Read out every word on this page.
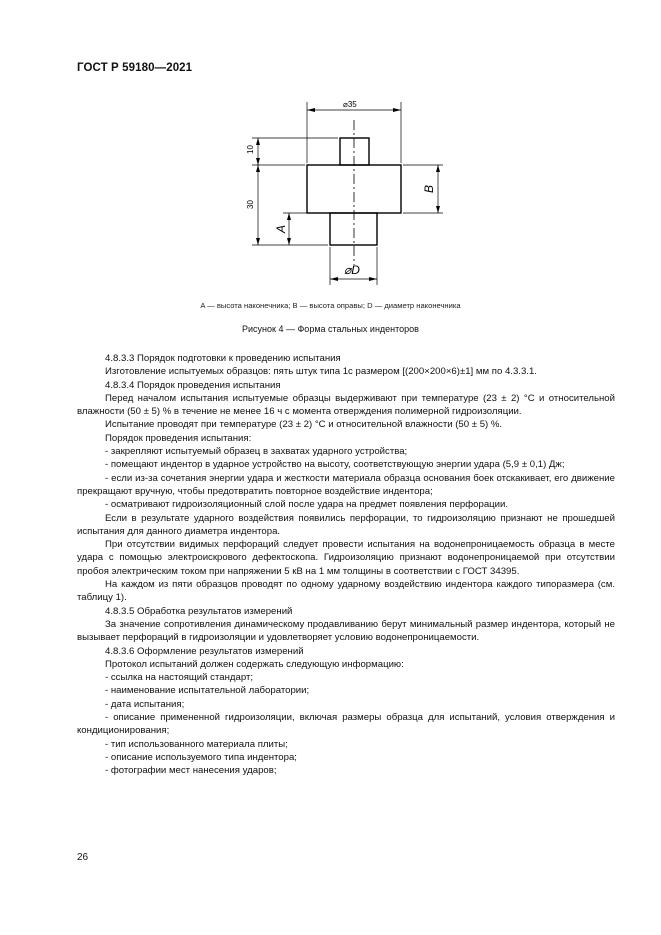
ГОСТ Р 59180—2021
⌀35
10
30
A
B
⌀D
A — высота наконечника; B — высота оправы; D — диаметр наконечника
Рисунок 4 — Форма стальных инденторов

4.8.3.3 Порядок подготовки к проведению испытания

Изготовление испытуемых образцов: пять штук типа 1с размером [(200×200×6)±1] мм по 4.3.3.1.

4.8.3.4 Порядок проведения испытания

Перед началом испытания испытуемые образцы выдерживают при температуре (23 ± 2) °С и относительной влажности (50 ± 5) % в течение не менее 16 ч с момента отверждения полимерной гидроизоляции.

Испытание проводят при температуре (23 ± 2) °С и относительной влажности (50 ± 5) %.

Порядок проведения испытания:

- закрепляют испытуемый образец в захватах ударного устройства;

- помещают индентор в ударное устройство на высоту, соответствующую энергии удара (5,9 ± 0,1) Дж;

- если из-за сочетания энергии удара и жесткости материала образца основания боек отскакивает, его движение прекращают вручную, чтобы предотвратить повторное воздействие индентора;

- осматривают гидроизоляционный слой после удара на предмет появления перфорации.

Если в результате ударного воздействия появились перфорации, то гидроизоляцию признают не прошедшей испытания для данного диаметра индентора.

При отсутствии видимых перфораций следует провести испытания на водонепроницаемость образца в месте удара с помощью электроискрового дефектоскопа. Гидроизоляцию признают водонепроницаемой при отсутствии пробоя электрическим током при напряжении 5 кВ на 1 мм толщины в соответствии с ГОСТ 34395.

На каждом из пяти образцов проводят по одному ударному воздействию индентора каждого типоразмера (см. таблицу 1).

4.8.3.5 Обработка результатов измерений

За значение сопротивления динамическому продавливанию берут минимальный размер индентора, который не вызывает перфораций в гидроизоляции и удовлетворяет условию водонепроницаемости.

4.8.3.6 Оформление результатов измерений

Протокол испытаний должен содержать следующую информацию:

- ссылка на настоящий стандарт;

- наименование испытательной лаборатории;

- дата испытания;

- описание примененной гидроизоляции, включая размеры образца для испытаний, условия отверждения и кондиционирования;

- тип использованного материала плиты;

- описание используемого типа индентора;

- фотографии мест нанесения ударов;

26
